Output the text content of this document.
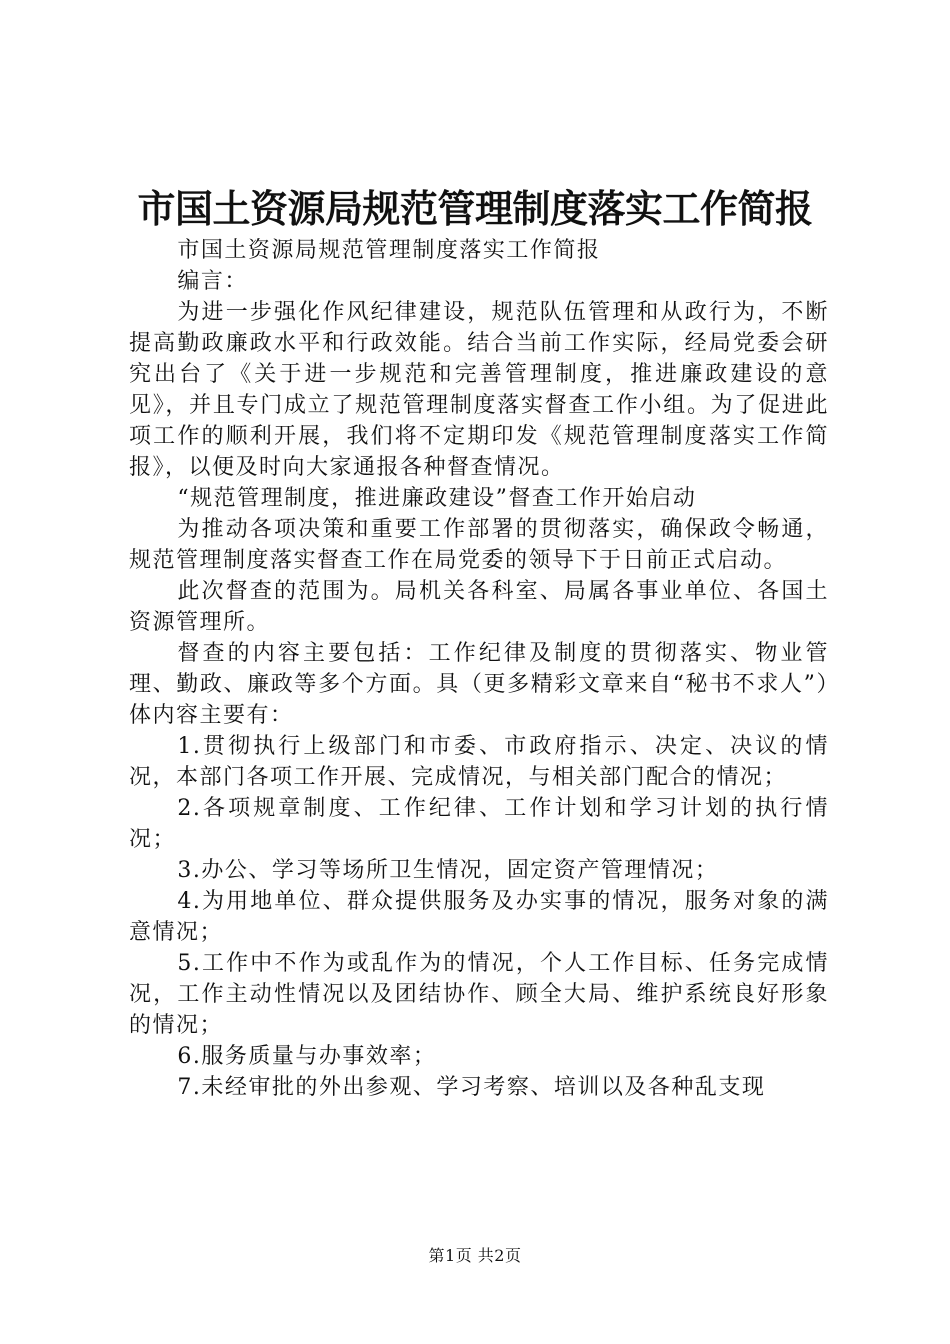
市国土资源局规范管理制度落实工作简报

市国土资源局规范管理制度落实工作简报

编言：

为进一步强化作风纪律建设，规范队伍管理和从政行为，不断提高勤政廉政水平和行政效能。结合当前工作实际，经局党委会研究出台了《关于进一步规范和完善管理制度，推进廉政建设的意见》，并且专门成立了规范管理制度落实督查工作小组。为了促进此项工作的顺利开展，我们将不定期印发《规范管理制度落实工作简报》，以便及时向大家通报各种督查情况。

“规范管理制度，推进廉政建设”督查工作开始启动

为推动各项决策和重要工作部署的贯彻落实，确保政令畅通，规范管理制度落实督查工作在局党委的领导下于日前正式启动。

此次督查的范围为。局机关各科室、局属各事业单位、各国土资源管理所。

督查的内容主要包括：工作纪律及制度的贯彻落实、物业管理、勤政、廉政等多个方面。具（更多精彩文章来自“秘书不求人”）体内容主要有：

1.贯彻执行上级部门和市委、市政府指示、决定、决议的情况，本部门各项工作开展、完成情况，与相关部门配合的情况；

2.各项规章制度、工作纪律、工作计划和学习计划的执行情况；

3.办公、学习等场所卫生情况，固定资产管理情况；

4.为用地单位、群众提供服务及办实事的情况，服务对象的满意情况；

5.工作中不作为或乱作为的情况，个人工作目标、任务完成情况，工作主动性情况以及团结协作、顾全大局、维护系统良好形象的情况；

6.服务质量与办事效率；

7.未经审批的外出参观、学习考察、培训以及各种乱支现

第1页 共2页
